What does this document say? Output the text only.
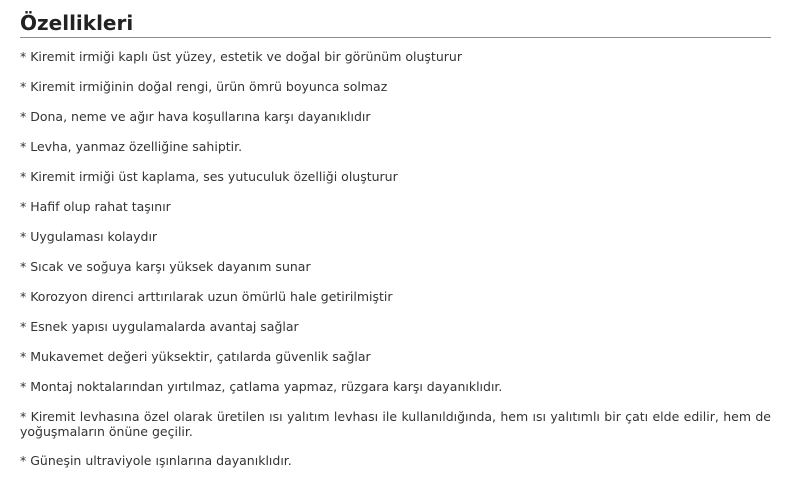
Özellikleri
* Kiremit irmiği kaplı üst yüzey, estetik ve doğal bir görünüm oluşturur
* Kiremit irmiğinin doğal rengi, ürün ömrü boyunca solmaz
* Dona, neme ve ağır hava koşullarına karşı dayanıklıdır
* Levha, yanmaz özelliğine sahiptir.
* Kiremit irmiği üst kaplama, ses yutuculuk özelliği oluşturur
* Hafif olup rahat taşınır
* Uygulaması kolaydır
* Sıcak ve soğuya karşı yüksek dayanım sunar
* Korozyon direnci arttırılarak uzun ömürlü hale getirilmiştir
* Esnek yapısı uygulamalarda avantaj sağlar
* Mukavemet değeri yüksektir, çatılarda güvenlik sağlar
* Montaj noktalarından yırtılmaz, çatlama yapmaz, rüzgara karşı dayanıklıdır.
* Kiremit levhasına özel olarak üretilen ısı yalıtım levhası ile kullanıldığında, hem ısı yalıtımlı bir çatı elde edilir, hem de yoğuşmaların önüne geçilir.
* Güneşin ultraviyole ışınlarına dayanıklıdır.
